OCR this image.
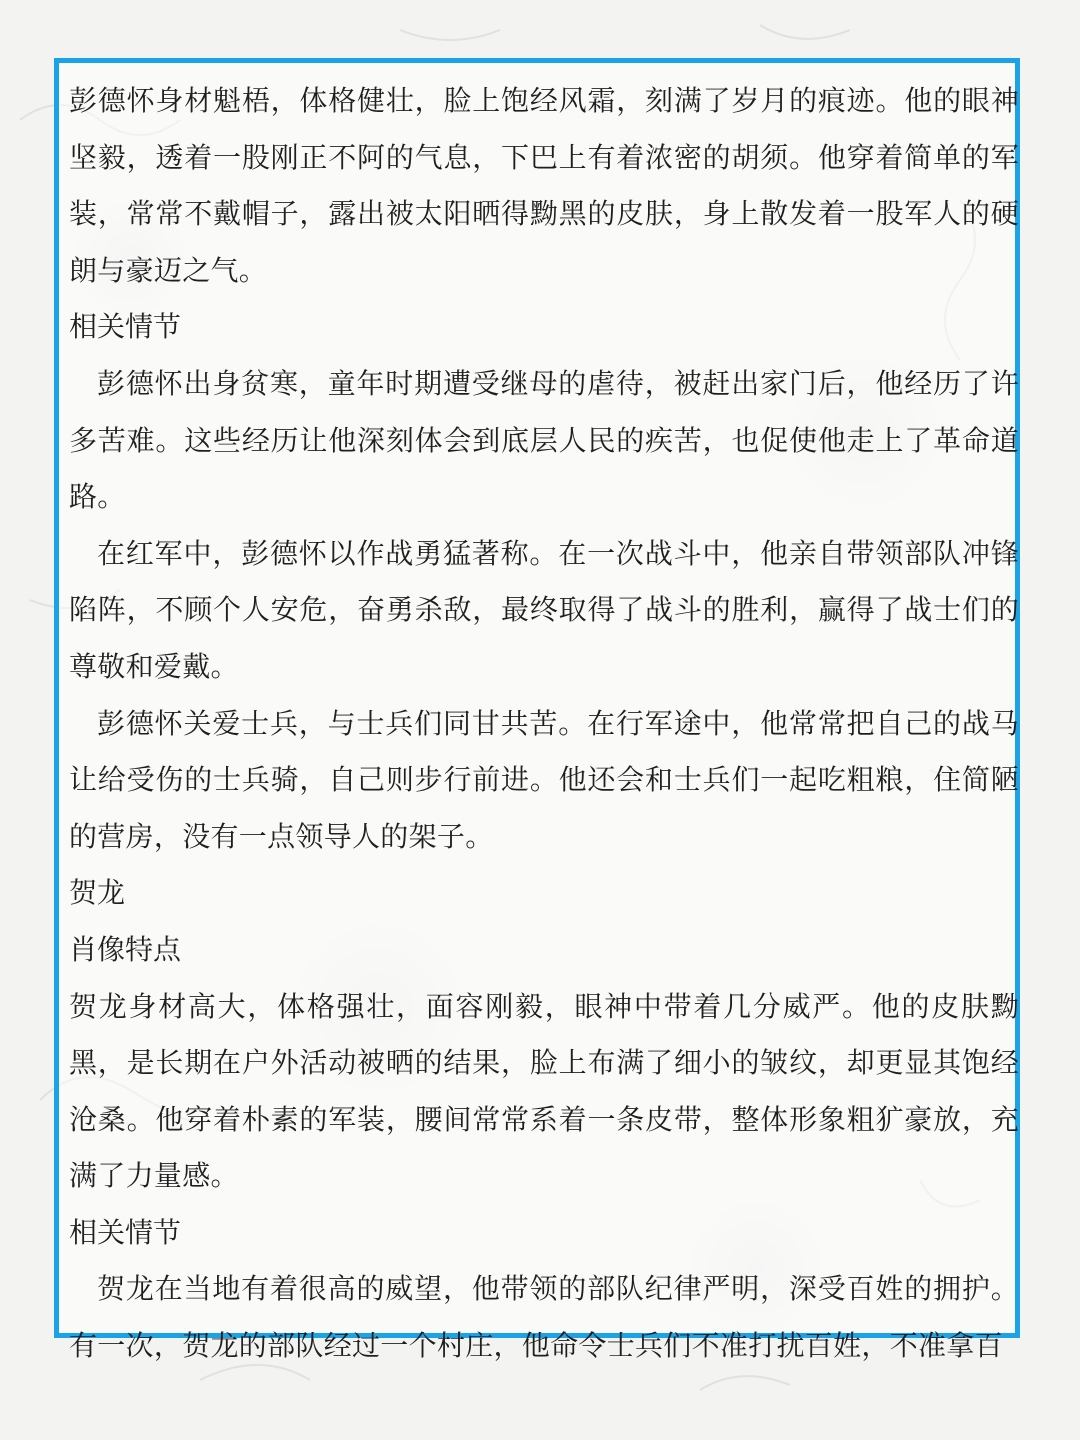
彭德怀身材魁梧，体格健壮，脸上饱经风霜，刻满了岁月的痕迹。他的眼神坚毅，透着一股刚正不阿的气息，下巴上有着浓密的胡须。他穿着简单的军装，常常不戴帽子，露出被太阳晒得黝黑的皮肤，身上散发着一股军人的硬朗与豪迈之气。

相关情节

彭德怀出身贫寒，童年时期遭受继母的虐待，被赶出家门后，他经历了许多苦难。这些经历让他深刻体会到底层人民的疾苦，也促使他走上了革命道路。

在红军中，彭德怀以作战勇猛著称。在一次战斗中，他亲自带领部队冲锋陷阵，不顾个人安危，奋勇杀敌，最终取得了战斗的胜利，赢得了战士们的尊敬和爱戴。

彭德怀关爱士兵，与士兵们同甘共苦。在行军途中，他常常把自己的战马让给受伤的士兵骑，自己则步行前进。他还会和士兵们一起吃粗粮，住简陋的营房，没有一点领导人的架子。

贺龙

肖像特点

贺龙身材高大，体格强壮，面容刚毅，眼神中带着几分威严。他的皮肤黝黑，是长期在户外活动被晒的结果，脸上布满了细小的皱纹，却更显其饱经沧桑。他穿着朴素的军装，腰间常常系着一条皮带，整体形象粗犷豪放，充满了力量感。

相关情节

贺龙在当地有着很高的威望，他带领的部队纪律严明，深受百姓的拥护。有一次，贺龙的部队经过一个村庄，他命令士兵们不准打扰百姓，不准拿百
